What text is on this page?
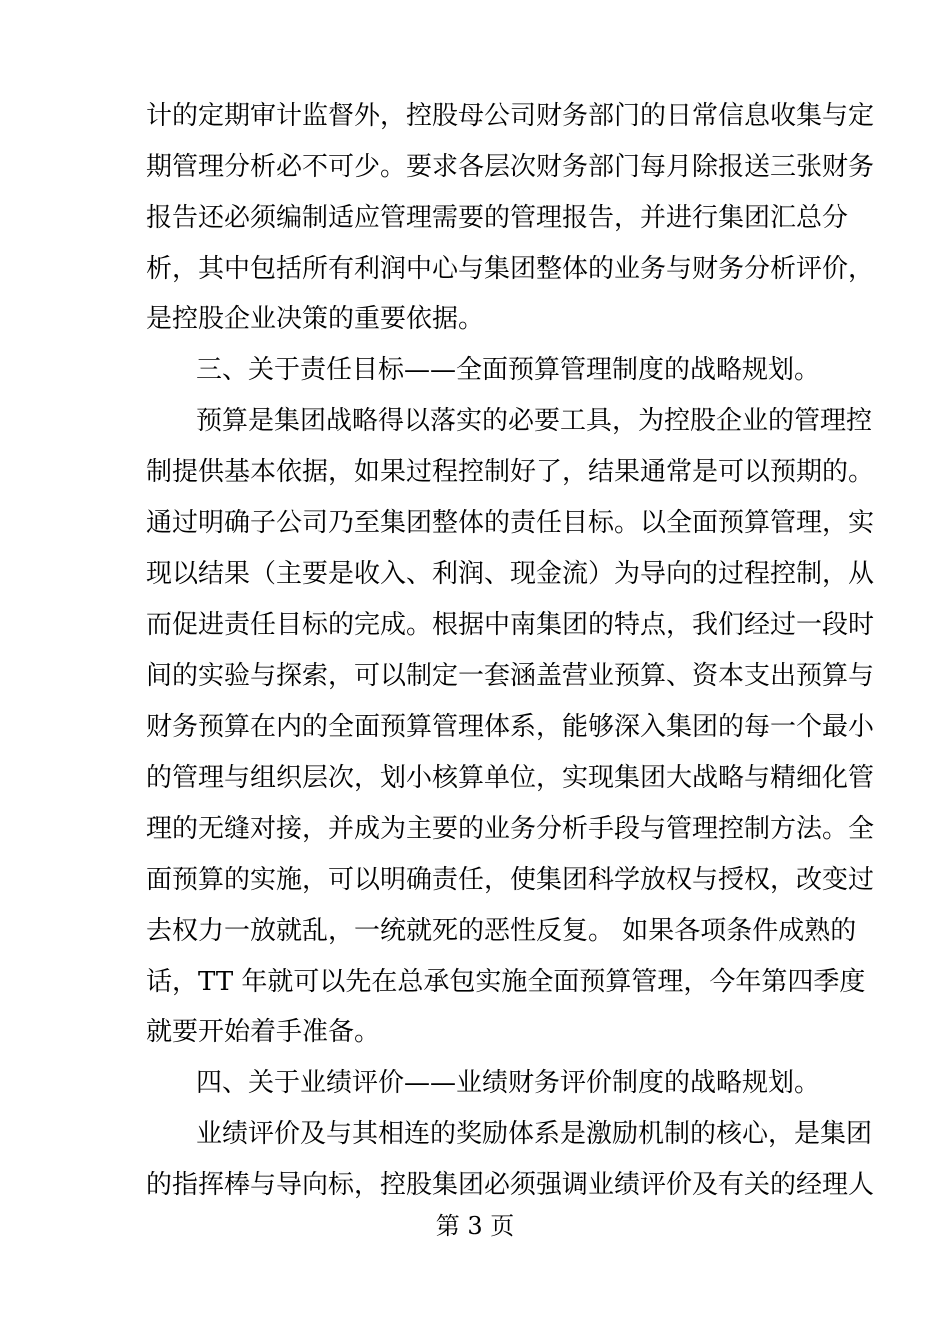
计的定期审计监督外，控股母公司财务部门的日常信息收集与定
期管理分析必不可少。要求各层次财务部门每月除报送三张财务
报告还必须编制适应管理需要的管理报告，并进行集团汇总分
析，其中包括所有利润中心与集团整体的业务与财务分析评价，
是控股企业决策的重要依据。
三、关于责任目标——全面预算管理制度的战略规划。
预算是集团战略得以落实的必要工具，为控股企业的管理控
制提供基本依据，如果过程控制好了，结果通常是可以预期的。
通过明确子公司乃至集团整体的责任目标。以全面预算管理，实
现以结果（主要是收入、利润、现金流）为导向的过程控制，从
而促进责任目标的完成。根据中南集团的特点，我们经过一段时
间的实验与探索，可以制定一套涵盖营业预算、资本支出预算与
财务预算在内的全面预算管理体系，能够深入集团的每一个最小
的管理与组织层次，划小核算单位，实现集团大战略与精细化管
理的无缝对接，并成为主要的业务分析手段与管理控制方法。全
面预算的实施，可以明确责任，使集团科学放权与授权，改变过
去权力一放就乱，一统就死的恶性反复。 如果各项条件成熟的
话，TT 年就可以先在总承包实施全面预算管理，今年第四季度
就要开始着手准备。
四、关于业绩评价——业绩财务评价制度的战略规划。
业绩评价及与其相连的奖励体系是激励机制的核心，是集团
的指挥棒与导向标，控股集团必须强调业绩评价及有关的经理人
第 3 页
